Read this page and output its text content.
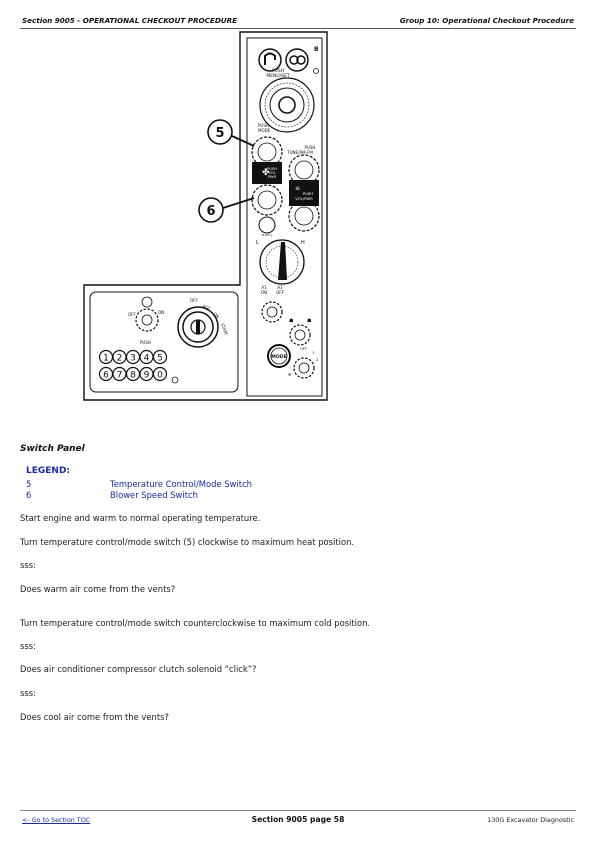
Section 9005 - OPERATIONAL CHECKOUT PROCEDURE	Group 10: Operational Checkout Procedure
B
PUSH MENU/SET
PUSH MODE
✤
PUSH VOL PWR
PUSH TUNE/AM-FM
≡
PUSH VOL/PWR
PUSH ◊
L	H
A1 ON
A1 OFF
☗	☗
MODE
OFF
1
2
⚙
OFF	ON
PUSH
OFF
ACC
ON
START
1 2 3 4 5
6 7 8 9 0
5
6
Switch Panel
LEGEND:
5	Temperature Control/Mode Switch
6	Blower Speed Switch
Start engine and warm to normal operating temperature.
Turn temperature control/mode switch (5) clockwise to maximum heat position.
sss:
Does warm air come from the vents?
Turn temperature control/mode switch counterclockwise to maximum cold position.
sss:
Does air conditioner compressor clutch solenoid “click”?
sss:
Does cool air come from the vents?
<- Go to Section TOC	Section 9005 page 58	130G Excavator Diagnostic
